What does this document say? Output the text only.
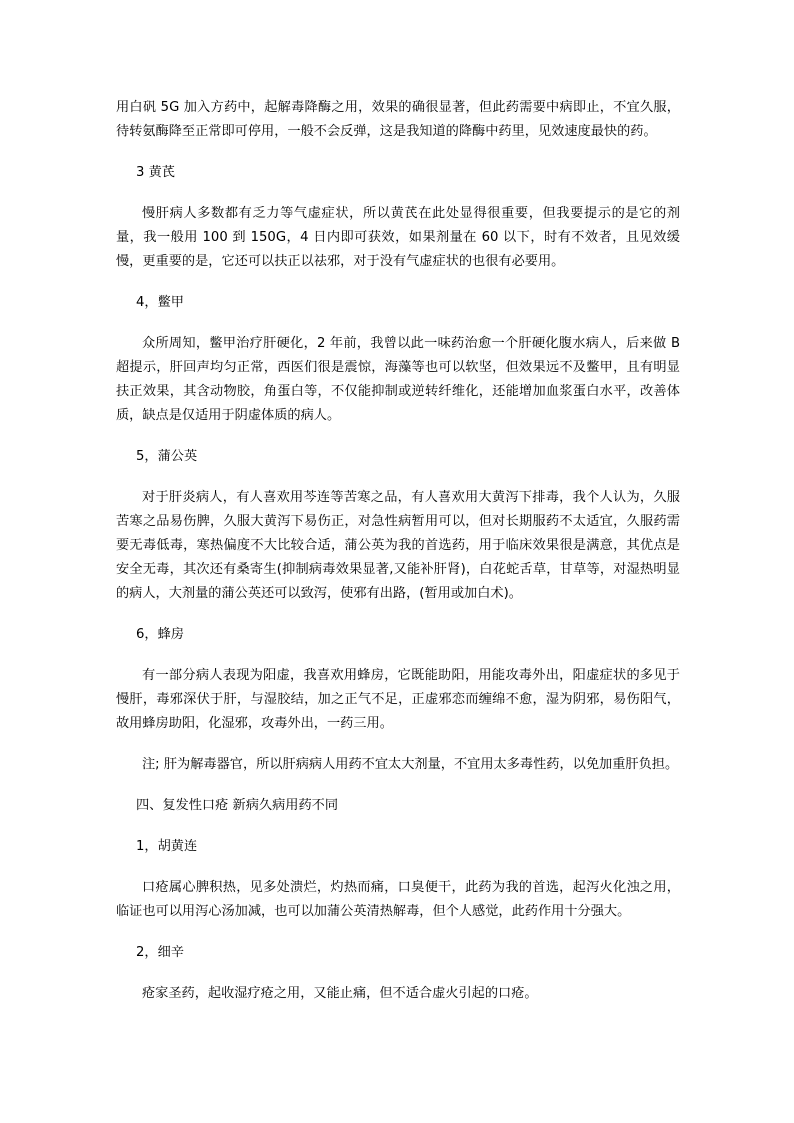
用白矾 5G 加入方药中，起解毒降酶之用，效果的确很显著，但此药需要中病即止，不宜久服，待转氨酶降至正常即可停用，一般不会反弹，这是我知道的降酶中药里，见效速度最快的药。

3 黄芪

慢肝病人多数都有乏力等气虚症状，所以黄芪在此处显得很重要，但我要提示的是它的剂量，我一般用 100 到 150G，4 日内即可获效，如果剂量在 60 以下，时有不效者，且见效缓慢，更重要的是，它还可以扶正以祛邪，对于没有气虚症状的也很有必要用。

4，鳖甲

众所周知，鳖甲治疗肝硬化，2 年前，我曾以此一味药治愈一个肝硬化腹水病人，后来做 B 超提示，肝回声均匀正常，西医们很是震惊，海藻等也可以软坚，但效果远不及鳖甲，且有明显扶正效果，其含动物胶，角蛋白等，不仅能抑制或逆转纤维化，还能增加血浆蛋白水平，改善体质，缺点是仅适用于阴虚体质的病人。

5，蒲公英

对于肝炎病人，有人喜欢用芩连等苦寒之品，有人喜欢用大黄泻下排毒，我个人认为，久服苦寒之品易伤脾，久服大黄泻下易伤正，对急性病暂用可以，但对长期服药不太适宜，久服药需要无毒低毒，寒热偏度不大比较合适，蒲公英为我的首选药，用于临床效果很是满意，其优点是安全无毒，其次还有桑寄生(抑制病毒效果显著,又能补肝肾)，白花蛇舌草，甘草等，对湿热明显的病人，大剂量的蒲公英还可以致泻，使邪有出路，(暂用或加白术)。

6，蜂房

有一部分病人表现为阳虚，我喜欢用蜂房，它既能助阳，用能攻毒外出，阳虚症状的多见于慢肝，毒邪深伏于肝，与湿胶结，加之正气不足，正虚邪恋而缠绵不愈，湿为阴邪，易伤阳气，故用蜂房助阳，化湿邪，攻毒外出，一药三用。

注; 肝为解毒器官，所以肝病病人用药不宜太大剂量，不宜用太多毒性药，以免加重肝负担。

四、复发性口疮 新病久病用药不同

1，胡黄连

口疮属心脾积热，见多处溃烂，灼热而痛，口臭便干，此药为我的首选，起泻火化浊之用，临证也可以用泻心汤加减，也可以加蒲公英清热解毒，但个人感觉，此药作用十分强大。

2，细辛

疮家圣药，起收湿疗疮之用，又能止痛，但不适合虚火引起的口疮。
